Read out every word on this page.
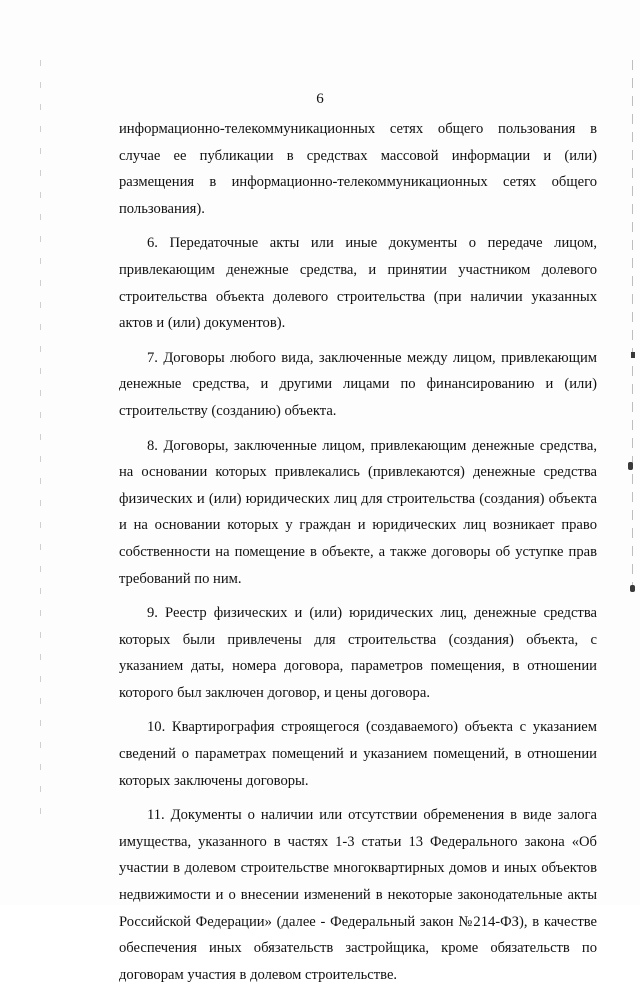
6

информационно-телекоммуникационных сетях общего пользования в случае ее публикации в средствах массовой информации и (или) размещения в информационно-телекоммуникационных сетях общего пользования).

6. Передаточные акты или иные документы о передаче лицом, привлекающим денежные средства, и принятии участником долевого строительства объекта долевого строительства (при наличии указанных актов и (или) документов).

7. Договоры любого вида, заключенные между лицом, привлекающим денежные средства, и другими лицами по финансированию и (или) строительству (созданию) объекта.

8. Договоры, заключенные лицом, привлекающим денежные средства, на основании которых привлекались (привлекаются) денежные средства физических и (или) юридических лиц для строительства (создания) объекта и на основании которых у граждан и юридических лиц возникает право собственности на помещение в объекте, а также договоры об уступке прав требований по ним.

9. Реестр физических и (или) юридических лиц, денежные средства которых были привлечены для строительства (создания) объекта, с указанием даты, номера договора, параметров помещения, в отношении которого был заключен договор, и цены договора.

10. Квартирография строящегося (создаваемого) объекта с указанием сведений о параметрах помещений и указанием помещений, в отношении которых заключены договоры.

11. Документы о наличии или отсутствии обременения в виде залога имущества, указанного в частях 1-3 статьи 13 Федерального закона «Об участии в долевом строительстве многоквартирных домов и иных объектов недвижимости и о внесении изменений в некоторые законодательные акты Российской Федерации» (далее - Федеральный закон №214-ФЗ), в качестве обеспечения иных обязательств застройщика, кроме обязательств по договорам участия в долевом строительстве.
